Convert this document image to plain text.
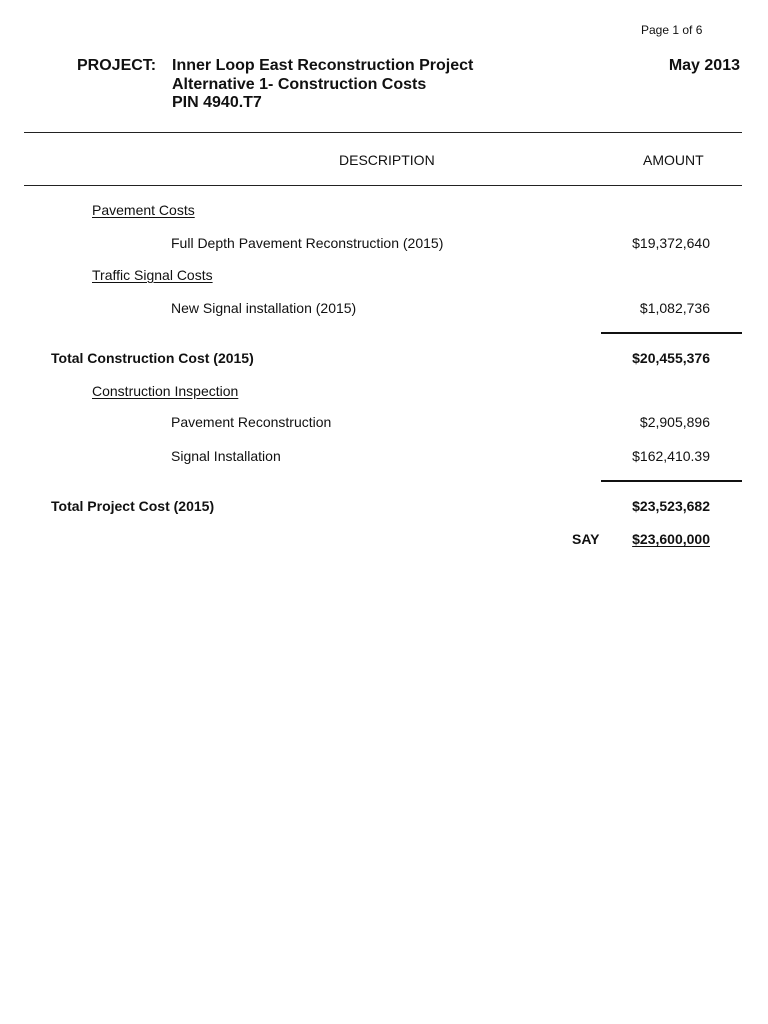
Page 1 of 6
PROJECT: Inner Loop East Reconstruction Project
Alternative 1- Construction Costs
PIN 4940.T7
May 2013
DESCRIPTION	AMOUNT
Pavement Costs
Full Depth Pavement Reconstruction (2015)	$19,372,640
Traffic Signal Costs
New Signal installation (2015)	$1,082,736
Total Construction Cost (2015)	$20,455,376
Construction Inspection
Pavement Reconstruction	$2,905,896
Signal Installation	$162,410.39
Total Project Cost (2015)	$23,523,682
SAY $23,600,000
